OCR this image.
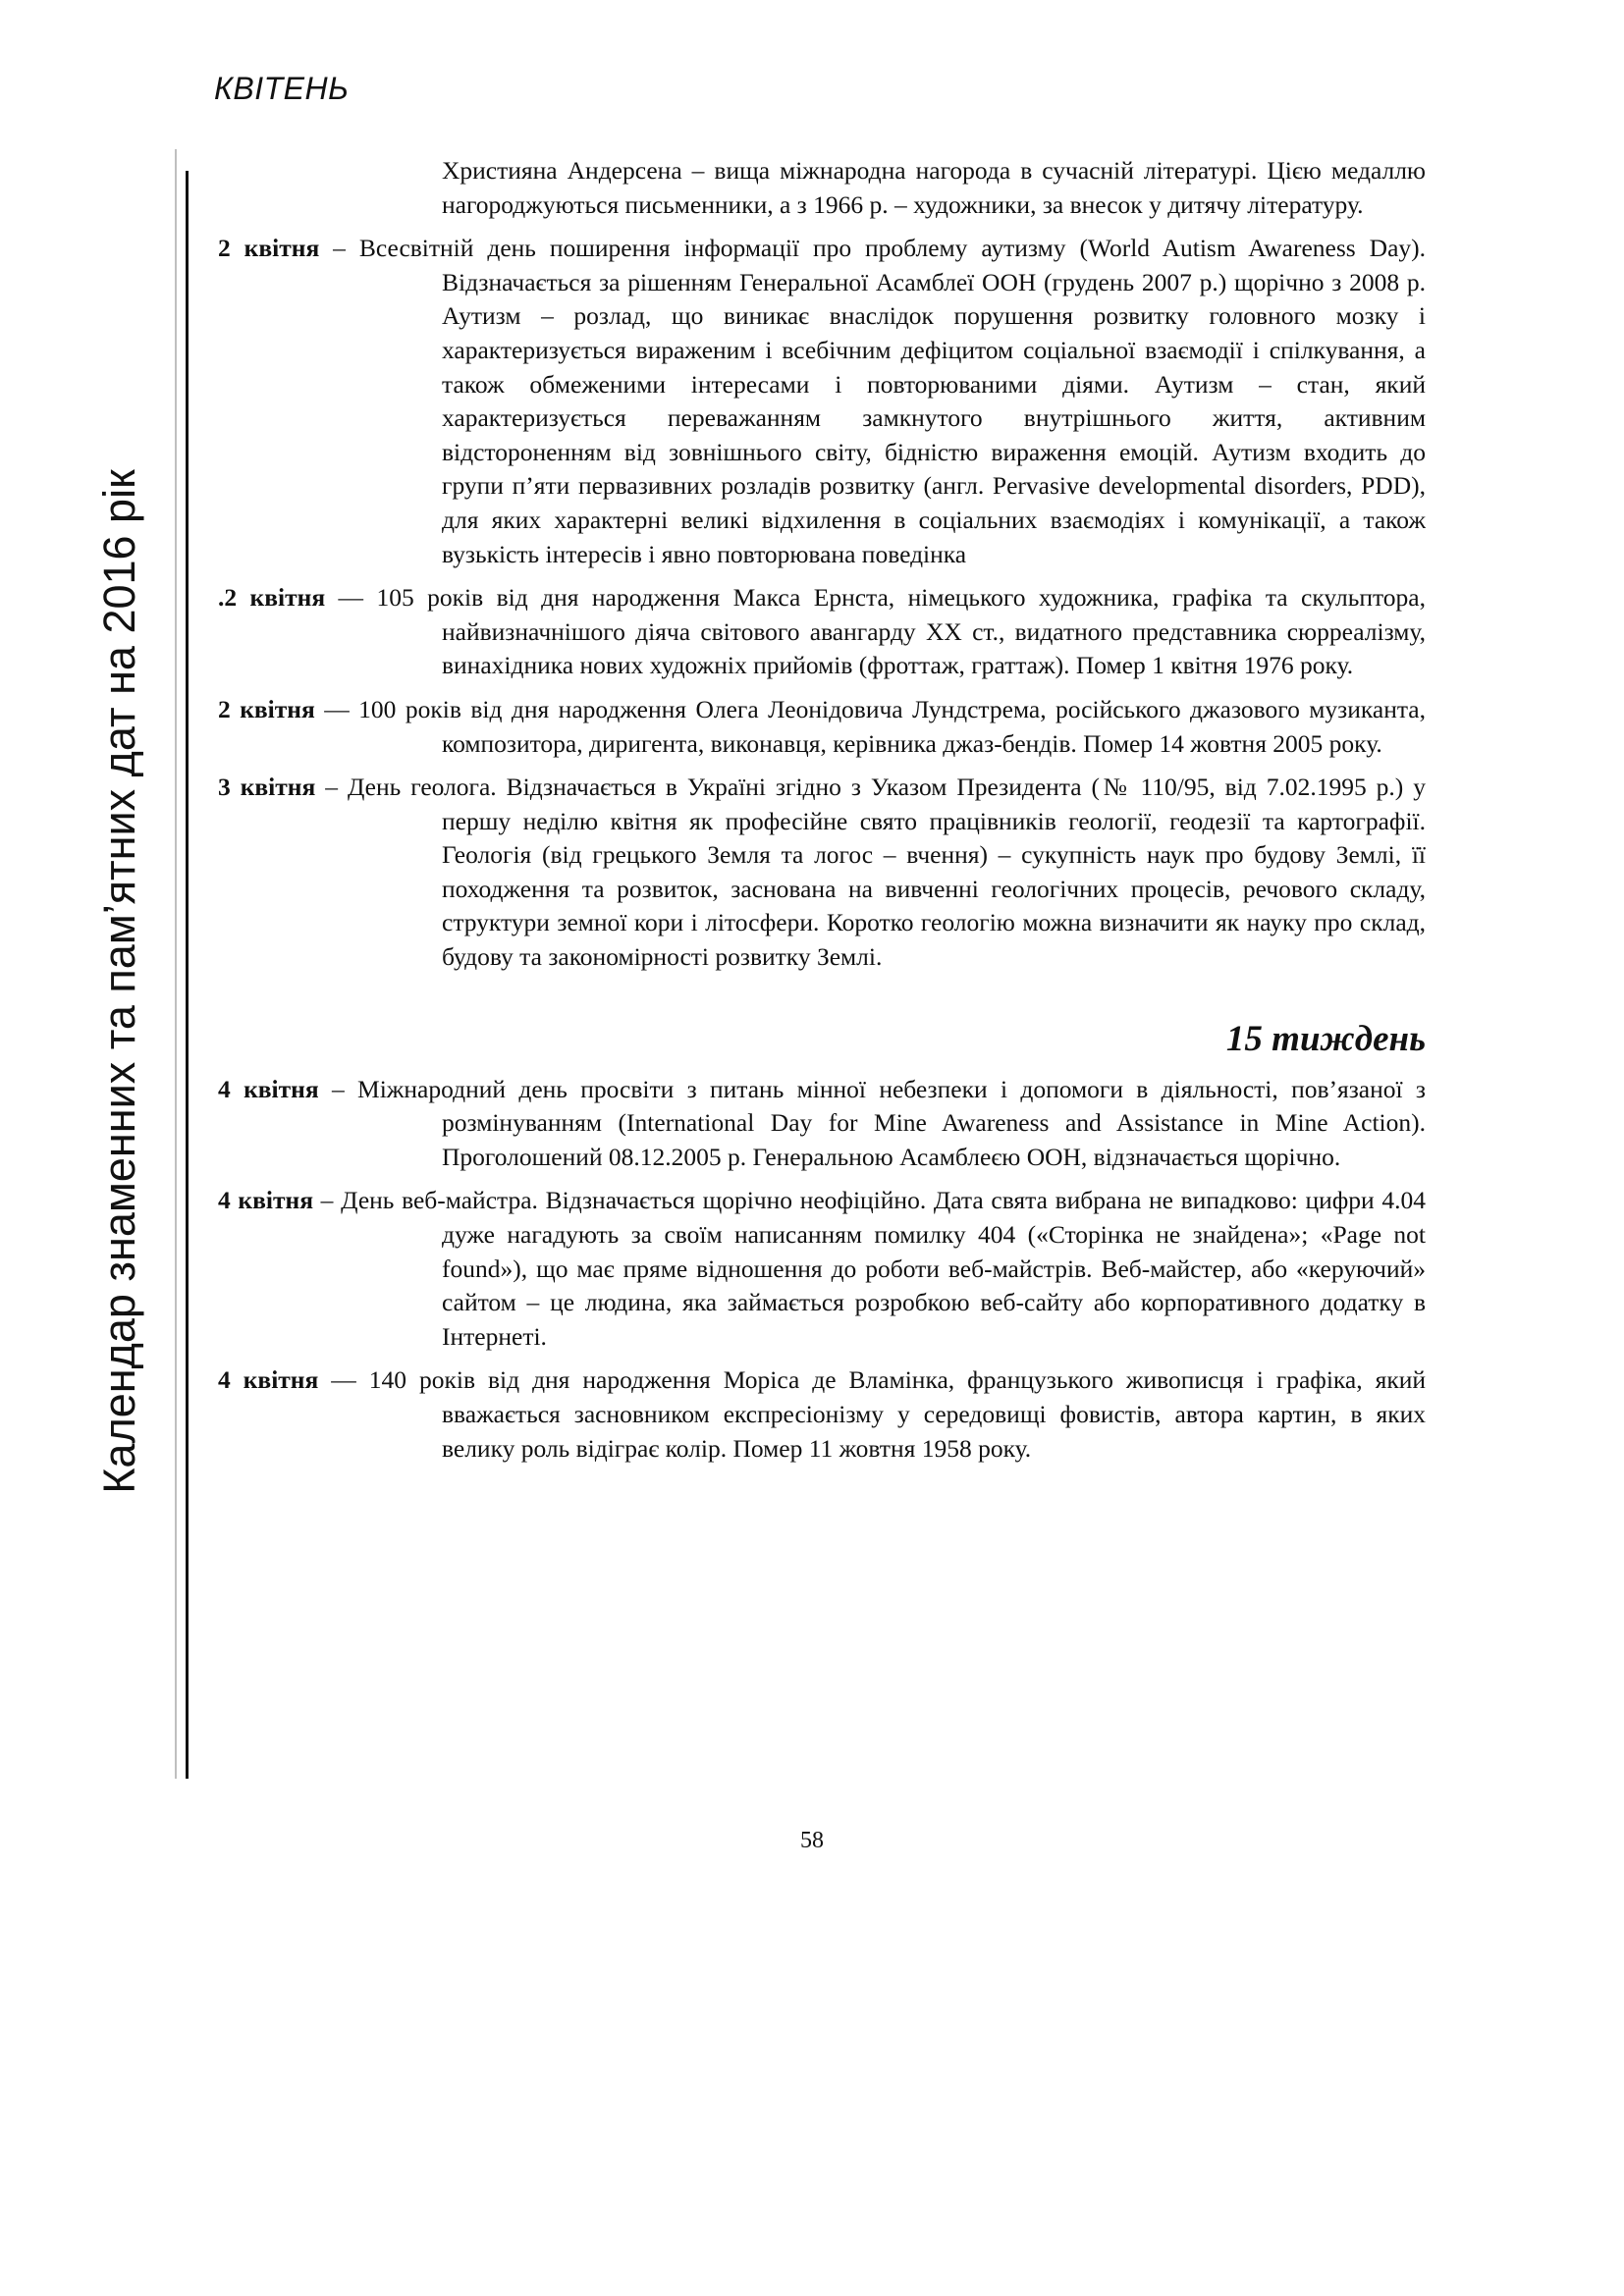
КВІТЕНЬ
Календар знаменних та пам’ятних дат на 2016 рік

Християна Андерсена – вища міжнародна нагорода в сучасній літературі. Цією медаллю нагороджуються письменники, а з 1966 р. – художники, за внесок у дитячу літературу.

2 квітня – Всесвітній день поширення інформації про проблему аутизму (World Autism Awareness Day). Відзначається за рішенням Генеральної Асамблеї ООН (грудень 2007 р.) щорічно з 2008 р. Аутизм – розлад, що виникає внаслідок порушення розвитку головного мозку і характеризується вираженим і всебічним дефіцитом соціальної взаємодії і спілкування, а також обмеженими інтересами і повторюваними діями. Аутизм – стан, який характеризується переважанням замкнутого внутрішнього життя, активним відстороненням від зовнішнього світу, бідністю вираження емоцій. Аутизм входить до групи п’яти первазивних розладів розвитку (англ. Pervasive developmental disorders, PDD), для яких характерні великі відхилення в соціальних взаємодіях і комунікації, а також вузькість інтересів і явно повторювана поведінка

.2 квітня — 105 років від дня народження Макса Ернста, німецького художника, графіка та скульптора, найвизначнішого діяча світового авангарду XX ст., видатного представника сюрреалізму, винахідника нових художніх прийомів (фроттаж, граттаж). Помер 1 квітня 1976 року.

2 квітня — 100 років від дня народження Олега Леонідовича Лундстрема, російського джазового музиканта, композитора, диригента, виконавця, керівника джаз-бендів. Помер 14 жовтня 2005 року.

3 квітня – День геолога. Відзначається в Україні згідно з Указом Президента (№ 110/95, від 7.02.1995 р.) у першу неділю квітня як професійне свято працівників геології, геодезії та картографії. Геологія (від грецького Земля та логос – вчення) – сукупність наук про будову Землі, її походження та розвиток, заснована на вивченні геологічних процесів, речового складу, структури земної кори і літосфери. Коротко геологію можна визначити як науку про склад, будову та закономірності розвитку Землі.

15 тиждень

4 квітня – Міжнародний день просвіти з питань мінної небезпеки і допомоги в діяльності, пов’язаної з розмінуванням (International Day for Mine Awareness and Assistance in Mine Action). Проголошений 08.12.2005 р. Генеральною Асамблеєю ООН, відзначається щорічно.

4 квітня – День веб-майстра. Відзначається щорічно неофіційно. Дата свята вибрана не випадково: цифри 4.04 дуже нагадують за своїм написанням помилку 404 («Сторінка не знайдена»; «Page not found»), що має пряме відношення до роботи веб-майстрів. Веб-майстер, або «керуючий» сайтом – це людина, яка займається розробкою веб-сайту або корпоративного додатку в Інтернеті.

4 квітня — 140 років від дня народження Моріса де Вламінка, французького живописця і графіка, який вважається засновником експресіонізму у середовищі фовистів, автора картин, в яких велику роль відіграє колір. Помер 11 жовтня 1958 року.

58
